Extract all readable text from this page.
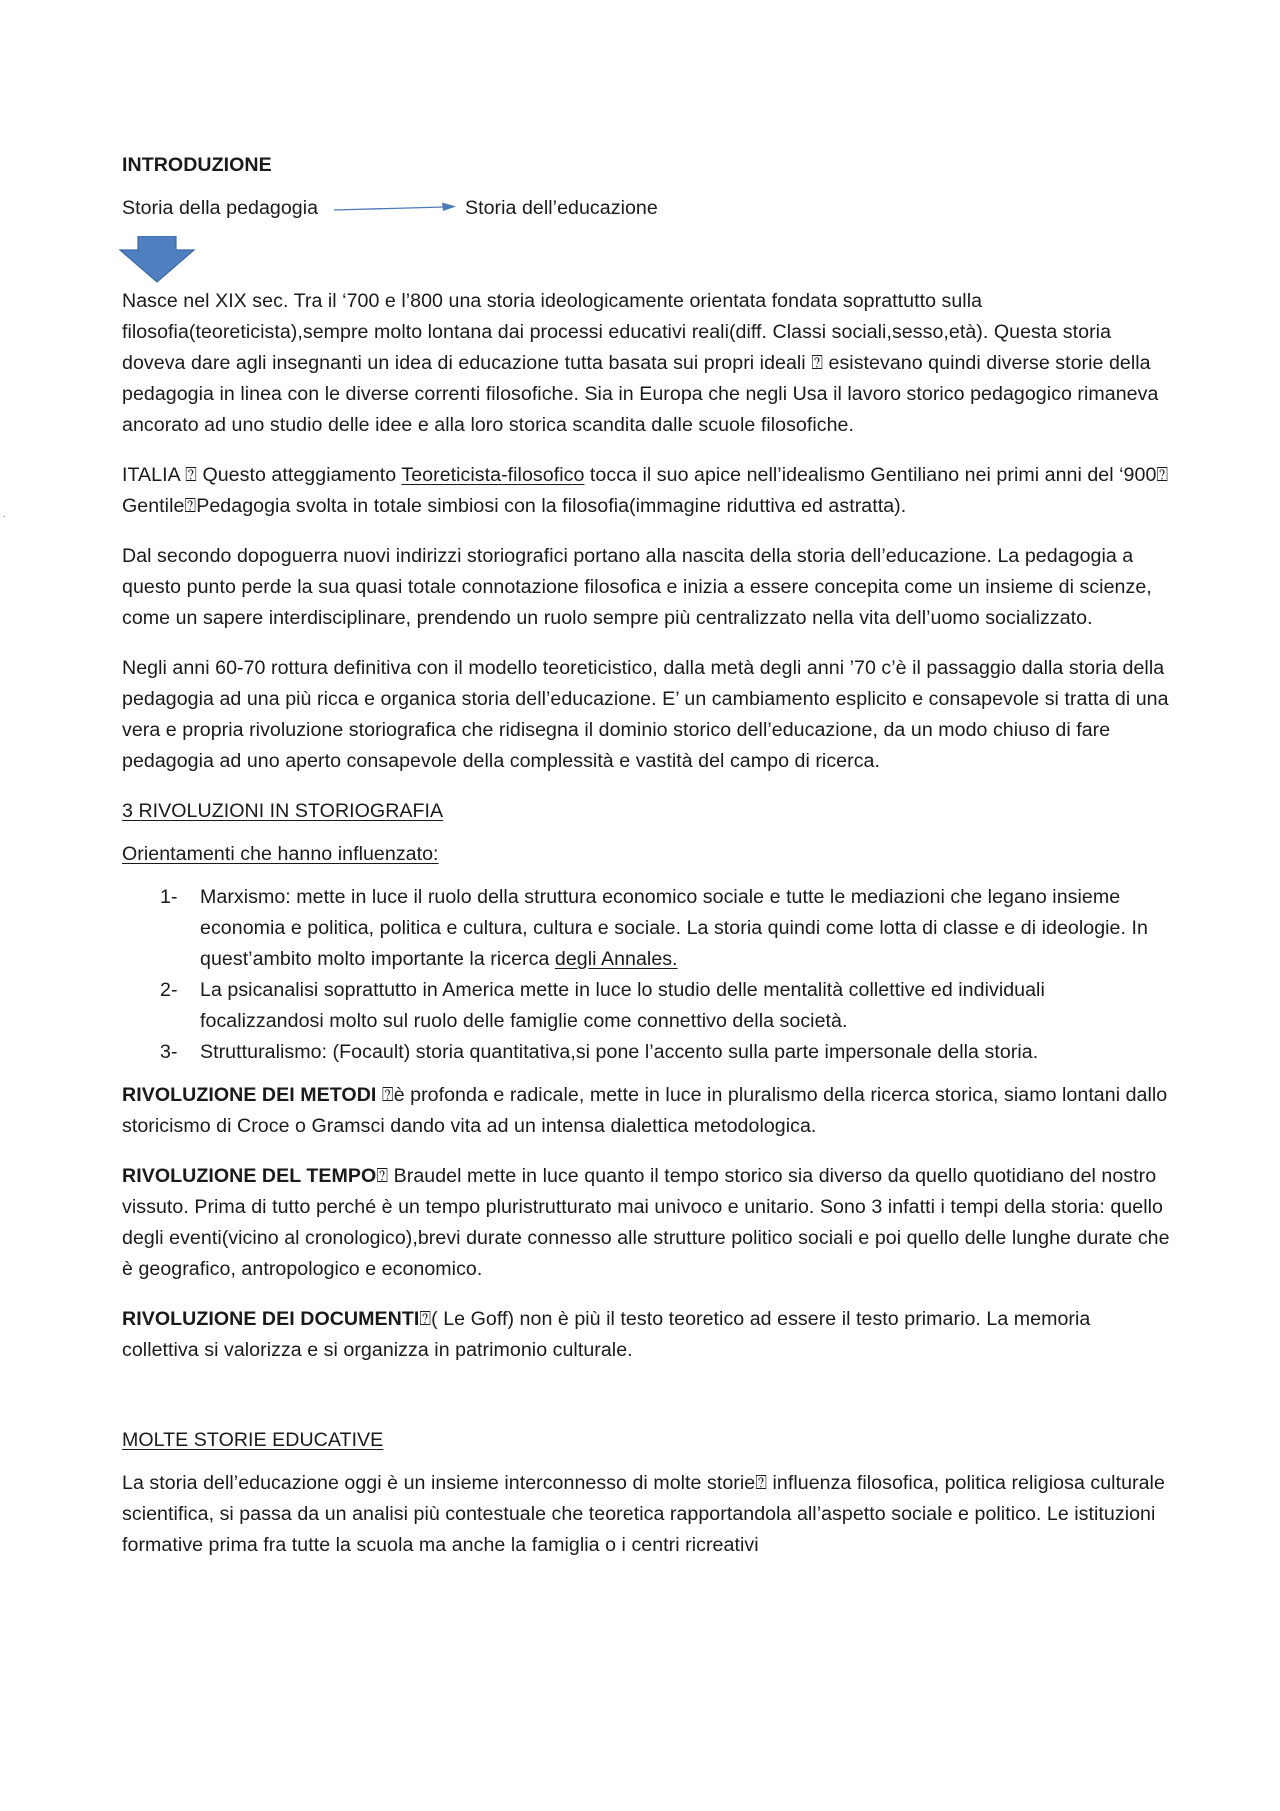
.

INTRODUZIONE

Storia della pedagogia	Storia dell’educazione

Nasce nel XIX sec. Tra il ‘700 e l’800 una storia ideologicamente orientata fondata soprattutto sulla filosofia(teoreticista),sempre molto lontana dai processi educativi reali(diff. Classi sociali,sesso,età). Questa storia doveva dare agli insegnanti un idea di educazione tutta basata sui propri ideali ⍰ esistevano quindi diverse storie della pedagogia in linea con le diverse correnti filosofiche. Sia in Europa che negli Usa il lavoro storico pedagogico rimaneva ancorato ad uno studio delle idee e alla loro storica scandita dalle scuole filosofiche.

ITALIA ⍰ Questo atteggiamento Teoreticista-filosofico tocca il suo apice nell’idealismo Gentiliano nei primi anni del ‘900⍰ Gentile⍰Pedagogia svolta in totale simbiosi con la filosofia(immagine riduttiva ed astratta).

Dal secondo dopoguerra nuovi indirizzi storiografici portano alla nascita della storia dell’educazione. La pedagogia a questo punto perde la sua quasi totale connotazione filosofica e inizia a essere concepita come un insieme di scienze, come un sapere interdisciplinare, prendendo un ruolo sempre più centralizzato nella vita dell’uomo socializzato.

Negli anni 60-70 rottura definitiva con il modello teoreticistico, dalla metà degli anni ’70 c’è il passaggio dalla storia della pedagogia ad una più ricca e organica storia dell’educazione. E’ un cambiamento esplicito e consapevole si tratta di una vera e propria rivoluzione storiografica che ridisegna il dominio storico dell’educazione, da un modo chiuso di fare pedagogia ad uno aperto consapevole della complessità e vastità del campo di ricerca.

3 RIVOLUZIONI IN STORIOGRAFIA

Orientamenti che hanno influenzato:

1- Marxismo: mette in luce il ruolo della struttura economico sociale e tutte le mediazioni che legano insieme economia e politica, politica e cultura, cultura e sociale. La storia quindi come lotta di classe e di ideologie. In quest’ambito molto importante la ricerca degli Annales.
2- La psicanalisi soprattutto in America mette in luce lo studio delle mentalità collettive ed individuali focalizzandosi molto sul ruolo delle famiglie come connettivo della società.
3- Strutturalismo: (Focault) storia quantitativa,si pone l’accento sulla parte impersonale della storia.

RIVOLUZIONE DEI METODI ⍰è profonda e radicale, mette in luce in pluralismo della ricerca storica, siamo lontani dallo storicismo di Croce o Gramsci dando vita ad un intensa dialettica metodologica.

RIVOLUZIONE DEL TEMPO⍰ Braudel mette in luce quanto il tempo storico sia diverso da quello quotidiano del nostro vissuto. Prima di tutto perché è un tempo pluristrutturato mai univoco e unitario. Sono 3 infatti i tempi della storia: quello degli eventi(vicino al cronologico),brevi durate connesso alle strutture politico sociali e poi quello delle lunghe durate che è geografico, antropologico e economico.

RIVOLUZIONE DEI DOCUMENTI⍰( Le Goff) non è più il testo teoretico ad essere il testo primario. La memoria collettiva si valorizza e si organizza in patrimonio culturale.

MOLTE STORIE EDUCATIVE

La storia dell’educazione oggi è un insieme interconnesso di molte storie⍰ influenza filosofica, politica religiosa culturale scientifica, si passa da un analisi più contestuale che teoretica rapportandola all’aspetto sociale e politico. Le istituzioni formative prima fra tutte la scuola ma anche la famiglia o i centri ricreativi
